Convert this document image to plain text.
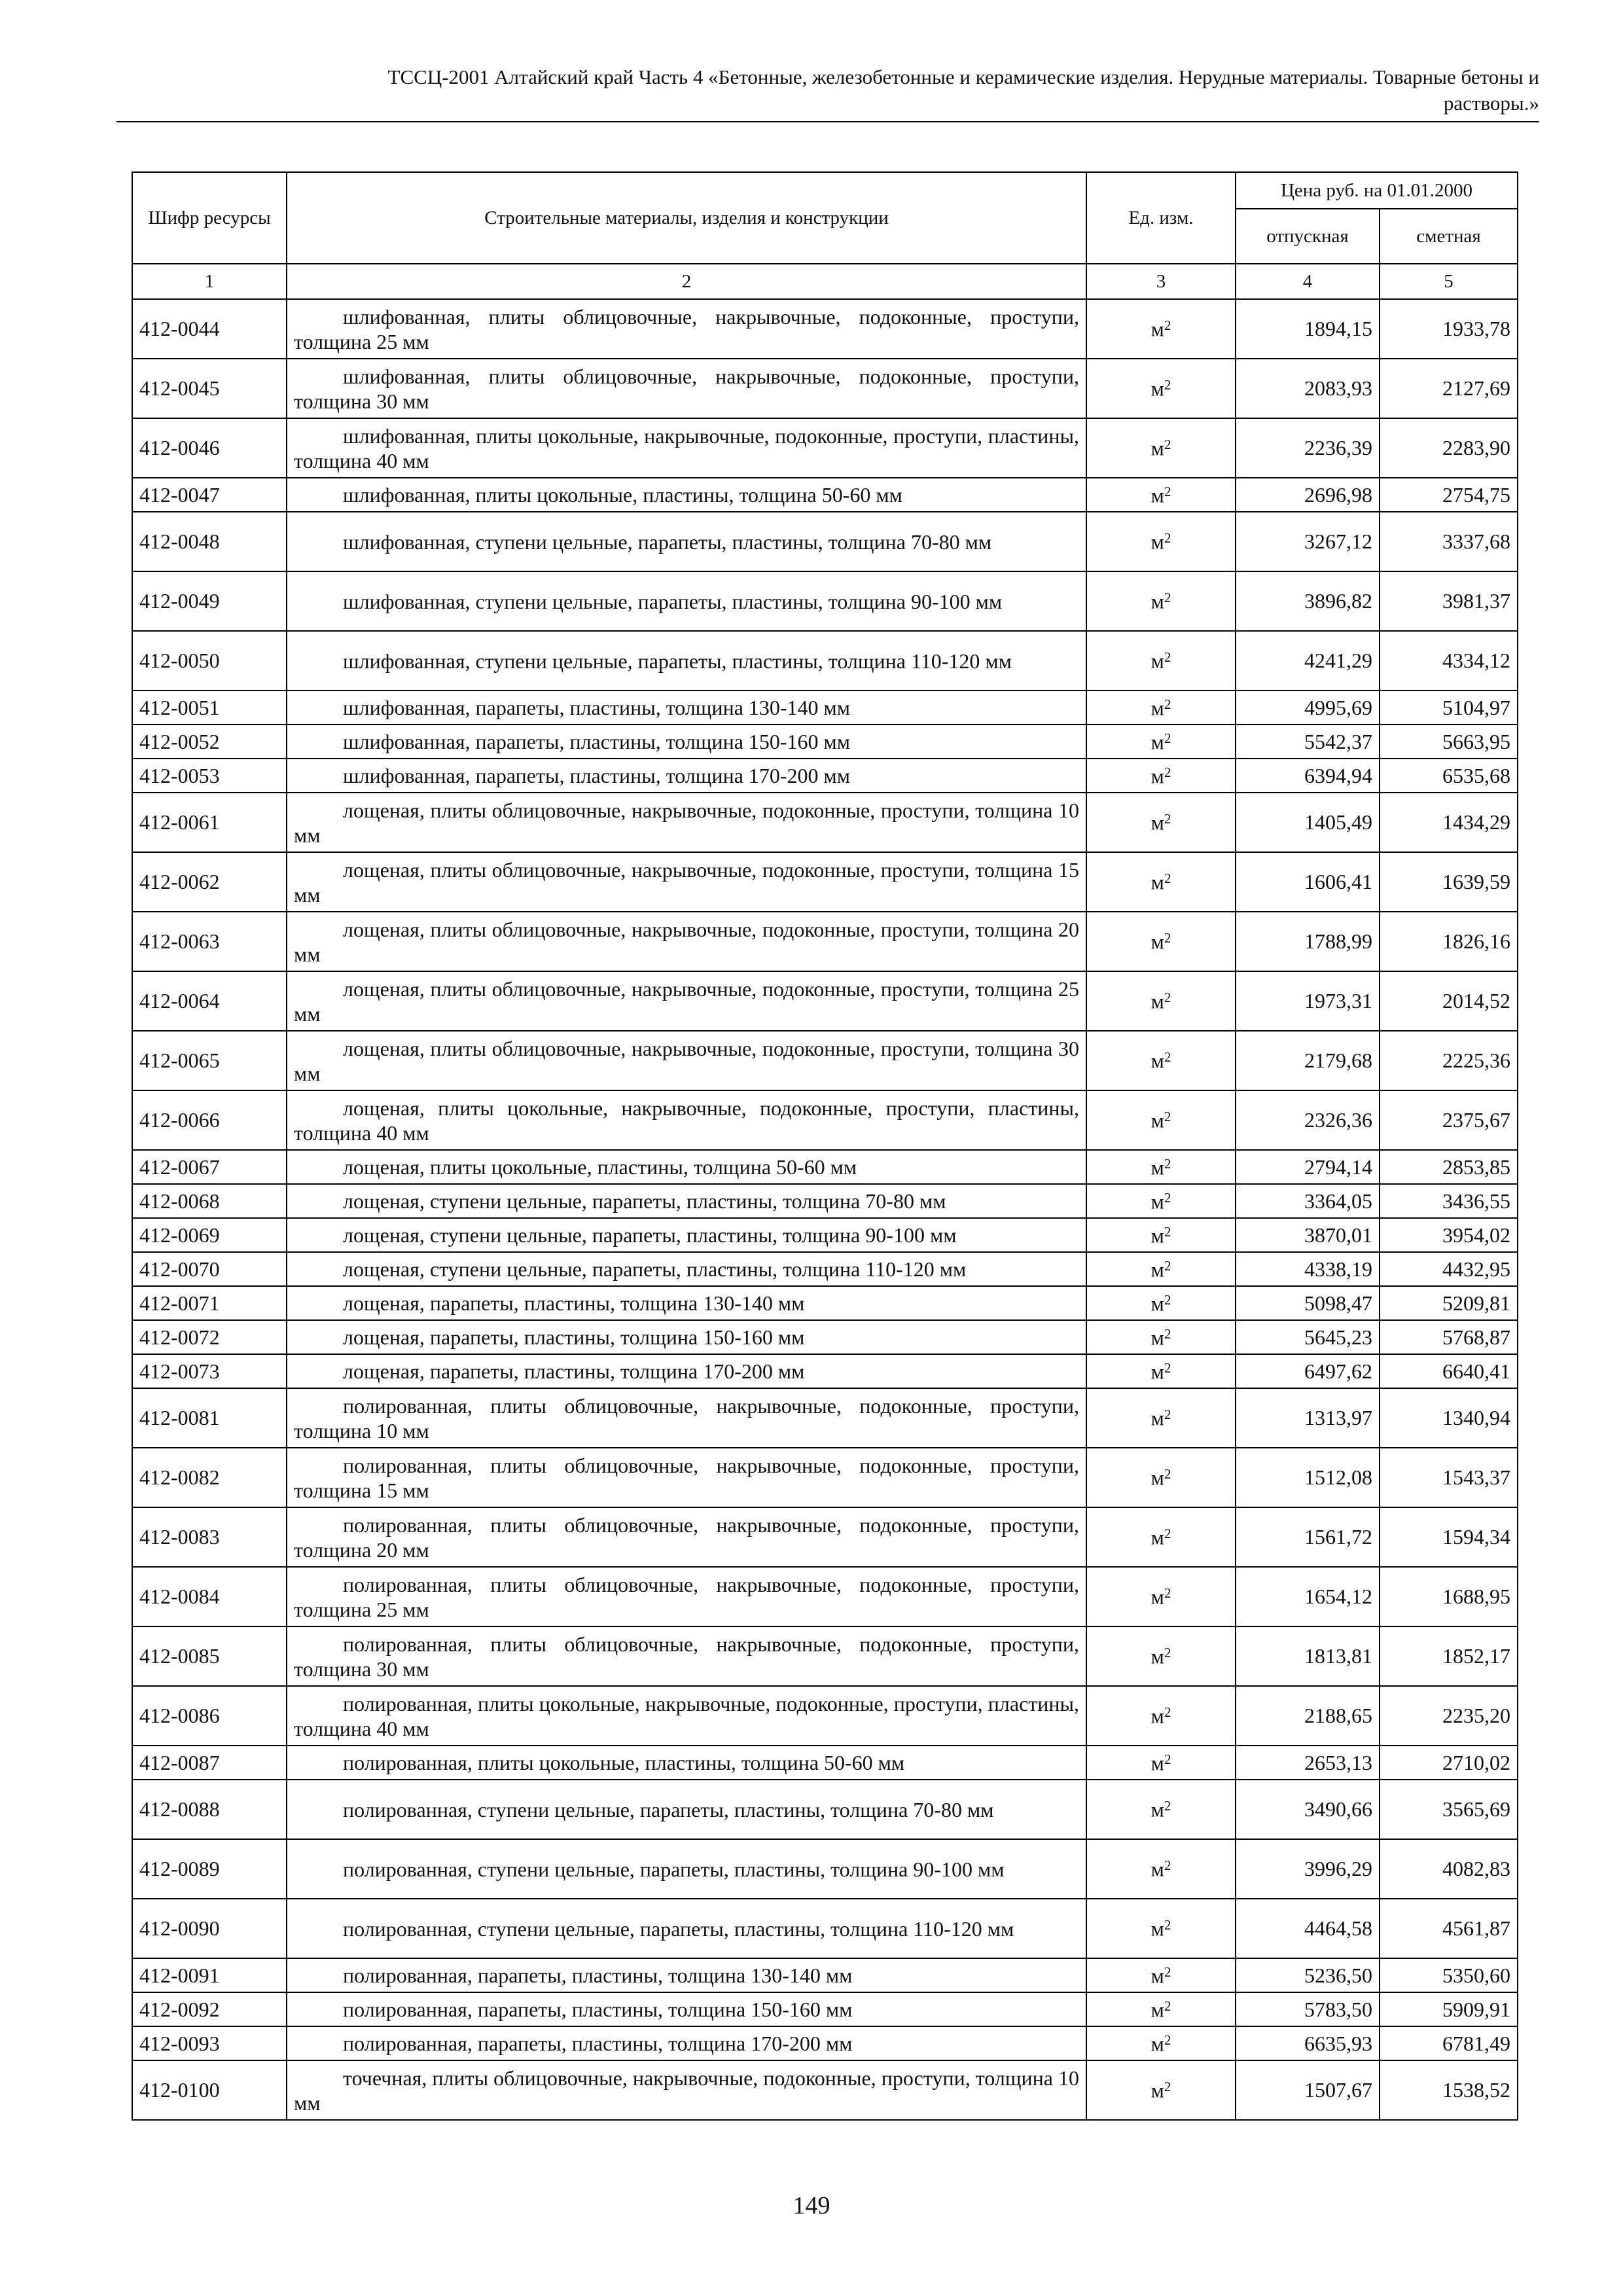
ТССЦ-2001 Алтайский край Часть 4 «Бетонные, железобетонные и керамические изделия. Нерудные материалы. Товарные бетоны и
растворы.»
Шифр ресурсы	Строительные материалы, изделия и конструкции	Ед. изм.	Цена руб. на 01.01.2000	
			отпускная	сметная
1	2	3	4	5
412-0044	шлифованная, плиты облицовочные, накрывочные, подоконные, проступи, толщина 25 мм	$м^2$	1894,15	1933,78
412-0045	шлифованная, плиты облицовочные, накрывочные, подоконные, проступи, толщина 30 мм	$м^2$	2083,93	2127,69
412-0046	шлифованная, плиты цокольные, накрывочные, подоконные, проступи, пластины, толщина 40 мм	$м^2$	2236,39	2283,90
412-0047	шлифованная, плиты цокольные, пластины, толщина 50-60 мм	$м^2$	2696,98	2754,75
412-0048	шлифованная, ступени цельные, парапеты, пластины, толщина 70-80 мм	$м^2$	3267,12	3337,68
412-0049	шлифованная, ступени цельные, парапеты, пластины, толщина 90-100 мм	$м^2$	3896,82	3981,37
412-0050	шлифованная, ступени цельные, парапеты, пластины, толщина 110-120 мм	$м^2$	4241,29	4334,12
412-0051	шлифованная, парапеты, пластины, толщина 130-140 мм	$м^2$	4995,69	5104,97
412-0052	шлифованная, парапеты, пластины, толщина 150-160 мм	$м^2$	5542,37	5663,95
412-0053	шлифованная, парапеты, пластины, толщина 170-200 мм	$м^2$	6394,94	6535,68
412-0061	лощеная, плиты облицовочные, накрывочные, подоконные, проступи, толщина 10 мм	$м^2$	1405,49	1434,29
412-0062	лощеная, плиты облицовочные, накрывочные, подоконные, проступи, толщина 15 мм	$м^2$	1606,41	1639,59
412-0063	лощеная, плиты облицовочные, накрывочные, подоконные, проступи, толщина 20 мм	$м^2$	1788,99	1826,16
412-0064	лощеная, плиты облицовочные, накрывочные, подоконные, проступи, толщина 25 мм	$м^2$	1973,31	2014,52
412-0065	лощеная, плиты облицовочные, накрывочные, подоконные, проступи, толщина 30 мм	$м^2$	2179,68	2225,36
412-0066	лощеная, плиты цокольные, накрывочные, подоконные, проступи, пластины, толщина 40 мм	$м^2$	2326,36	2375,67
412-0067	лощеная, плиты цокольные, пластины, толщина 50-60 мм	$м^2$	2794,14	2853,85
412-0068	лощеная, ступени цельные, парапеты, пластины, толщина 70-80 мм	$м^2$	3364,05	3436,55
412-0069	лощеная, ступени цельные, парапеты, пластины, толщина 90-100 мм	$м^2$	3870,01	3954,02
412-0070	лощеная, ступени цельные, парапеты, пластины, толщина 110-120 мм	$м^2$	4338,19	4432,95
412-0071	лощеная, парапеты, пластины, толщина 130-140 мм	$м^2$	5098,47	5209,81
412-0072	лощеная, парапеты, пластины, толщина 150-160 мм	$м^2$	5645,23	5768,87
412-0073	лощеная, парапеты, пластины, толщина 170-200 мм	$м^2$	6497,62	6640,41
412-0081	полированная, плиты облицовочные, накрывочные, подоконные, проступи, толщина 10 мм	$м^2$	1313,97	1340,94
412-0082	полированная, плиты облицовочные, накрывочные, подоконные, проступи, толщина 15 мм	$м^2$	1512,08	1543,37
412-0083	полированная, плиты облицовочные, накрывочные, подоконные, проступи, толщина 20 мм	$м^2$	1561,72	1594,34
412-0084	полированная, плиты облицовочные, накрывочные, подоконные, проступи, толщина 25 мм	$м^2$	1654,12	1688,95
412-0085	полированная, плиты облицовочные, накрывочные, подоконные, проступи, толщина 30 мм	$м^2$	1813,81	1852,17
412-0086	полированная, плиты цокольные, накрывочные, подоконные, проступи, пластины, толщина 40 мм	$м^2$	2188,65	2235,20
412-0087	полированная, плиты цокольные, пластины, толщина 50-60 мм	$м^2$	2653,13	2710,02
412-0088	полированная, ступени цельные, парапеты, пластины, толщина 70-80 мм	$м^2$	3490,66	3565,69
412-0089	полированная, ступени цельные, парапеты, пластины, толщина 90-100 мм	$м^2$	3996,29	4082,83
412-0090	полированная, ступени цельные, парапеты, пластины, толщина 110-120 мм	$м^2$	4464,58	4561,87
412-0091	полированная, парапеты, пластины, толщина 130-140 мм	$м^2$	5236,50	5350,60
412-0092	полированная, парапеты, пластины, толщина 150-160 мм	$м^2$	5783,50	5909,91
412-0093	полированная, парапеты, пластины, толщина 170-200 мм	$м^2$	6635,93	6781,49
412-0100	точечная, плиты облицовочные, накрывочные, подоконные, проступи, толщина 10 мм	$м^2$	1507,67	1538,52
149
